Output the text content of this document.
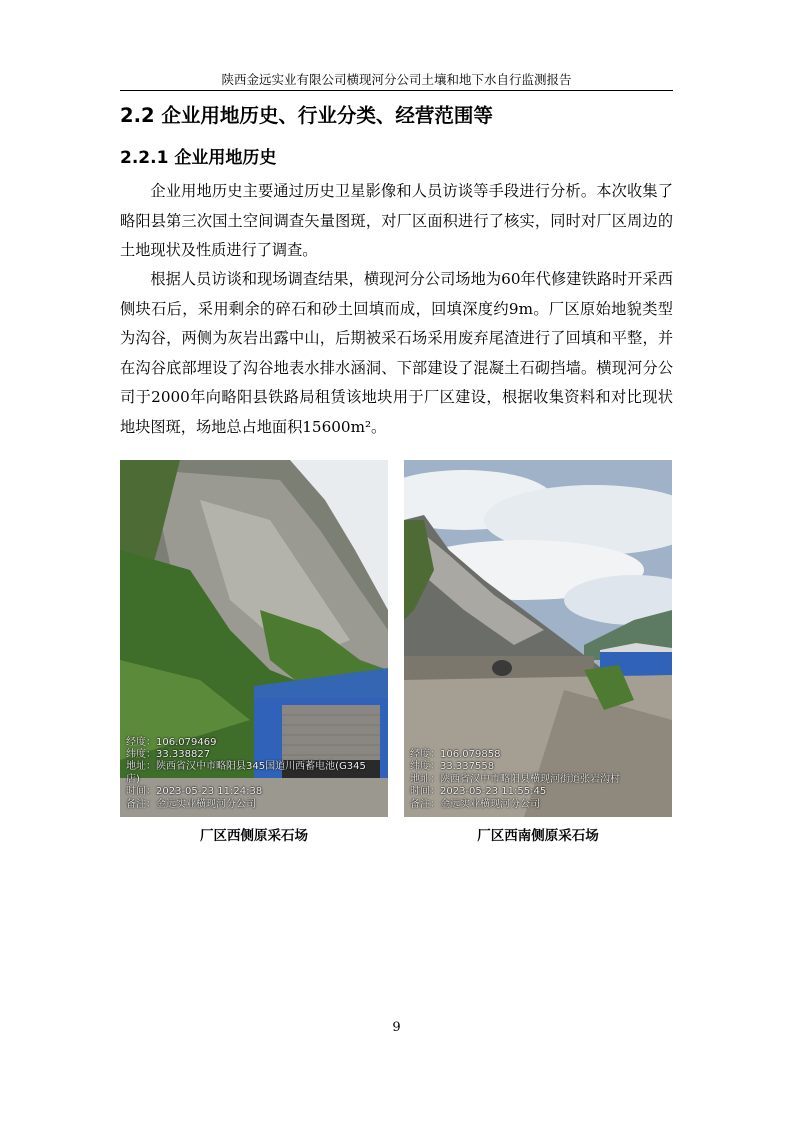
陕西金远实业有限公司横现河分公司土壤和地下水自行监测报告
2.2 企业用地历史、行业分类、经营范围等
2.2.1 企业用地历史

企业用地历史主要通过历史卫星影像和人员访谈等手段进行分析。本次收集了略阳县第三次国土空间调查矢量图斑，对厂区面积进行了核实，同时对厂区周边的土地现状及性质进行了调查。

根据人员访谈和现场调查结果，横现河分公司场地为60年代修建铁路时开采西侧块石后，采用剩余的碎石和砂土回填而成，回填深度约9m。厂区原始地貌类型为沟谷，两侧为灰岩出露中山，后期被采石场采用废弃尾渣进行了回填和平整，并在沟谷底部埋设了沟谷地表水排水涵洞、下部建设了混凝土石砌挡墙。横现河分公司于2000年向略阳县铁路局租赁该地块用于厂区建设，根据收集资料和对比现状地块图斑，场地总占地面积15600m²。

经度：106.079469
纬度：33.338827
地址：陕西省汉中市略阳县345国道川西蓄电池(G345店)
时间：2023-05-23 11:24:38
备注：金远实业横现河分公司
经度：106.079858
纬度：33.337558
地址：陕西省汉中市略阳县横现河街道张岩沟村
时间：2023-05-23 11:55:45
备注：金远实业横现河分公司
厂区西侧原采石场	厂区西南侧原采石场
9
